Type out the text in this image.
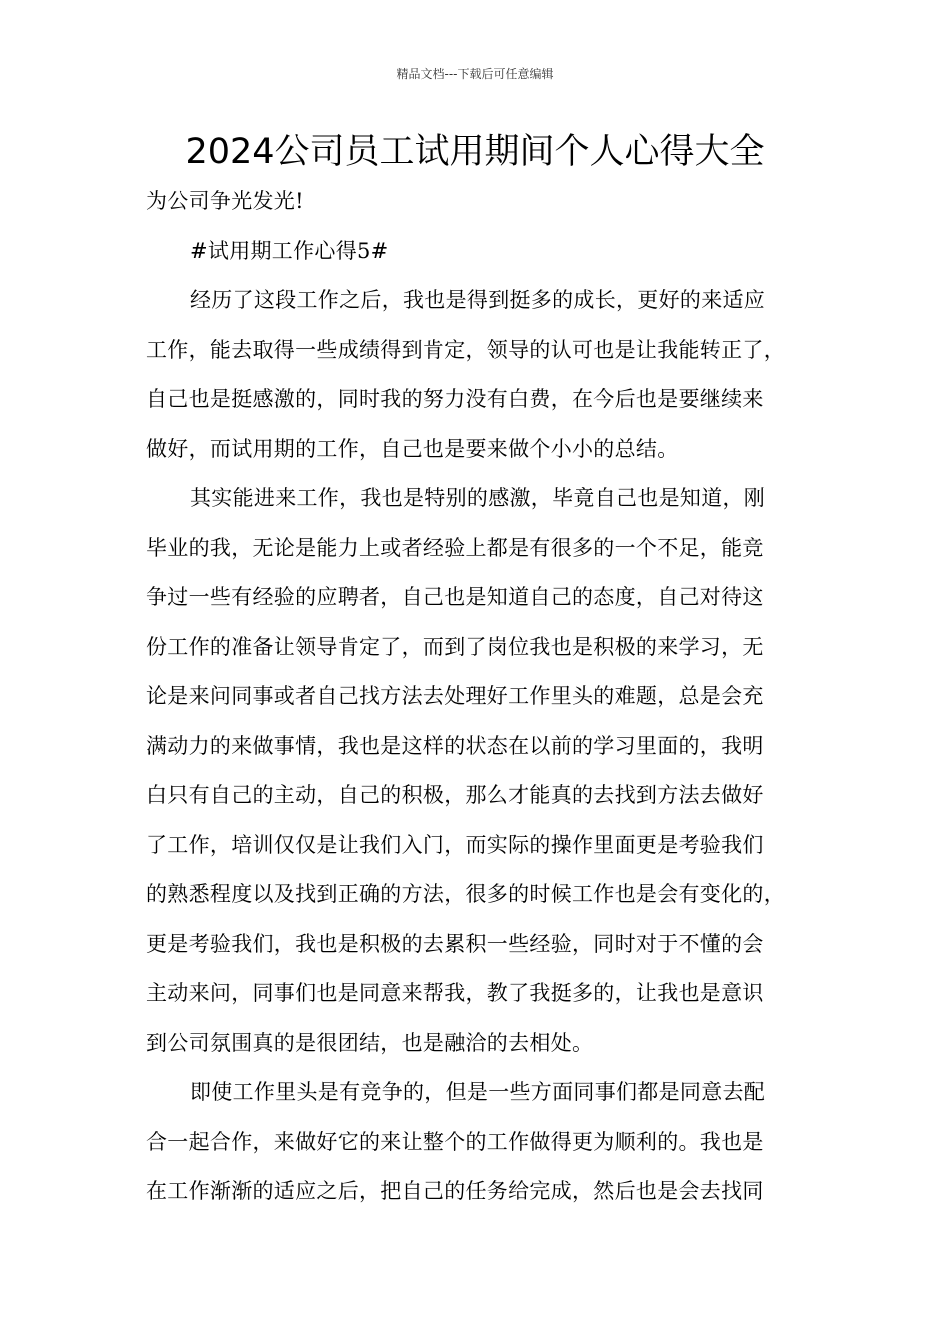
精品文档---下载后可任意编辑
2024公司员工试用期间个人心得大全
为公司争光发光!
#试用期工作心得5#
经历了这段工作之后，我也是得到挺多的成长，更好的来适应
工作，能去取得一些成绩得到肯定，领导的认可也是让我能转正了，
自己也是挺感激的，同时我的努力没有白费，在今后也是要继续来
做好，而试用期的工作，自己也是要来做个小小的总结。
其实能进来工作，我也是特别的感激，毕竟自己也是知道，刚
毕业的我，无论是能力上或者经验上都是有很多的一个不足，能竞
争过一些有经验的应聘者，自己也是知道自己的态度，自己对待这
份工作的准备让领导肯定了，而到了岗位我也是积极的来学习，无
论是来问同事或者自己找方法去处理好工作里头的难题，总是会充
满动力的来做事情，我也是这样的状态在以前的学习里面的，我明
白只有自己的主动，自己的积极，那么才能真的去找到方法去做好
了工作，培训仅仅是让我们入门，而实际的操作里面更是考验我们
的熟悉程度以及找到正确的方法，很多的时候工作也是会有变化的，
更是考验我们，我也是积极的去累积一些经验，同时对于不懂的会
主动来问，同事们也是同意来帮我，教了我挺多的，让我也是意识
到公司氛围真的是很团结，也是融洽的去相处。
即使工作里头是有竞争的，但是一些方面同事们都是同意去配
合一起合作，来做好它的来让整个的工作做得更为顺利的。我也是
在工作渐渐的适应之后，把自己的任务给完成，然后也是会去找同
